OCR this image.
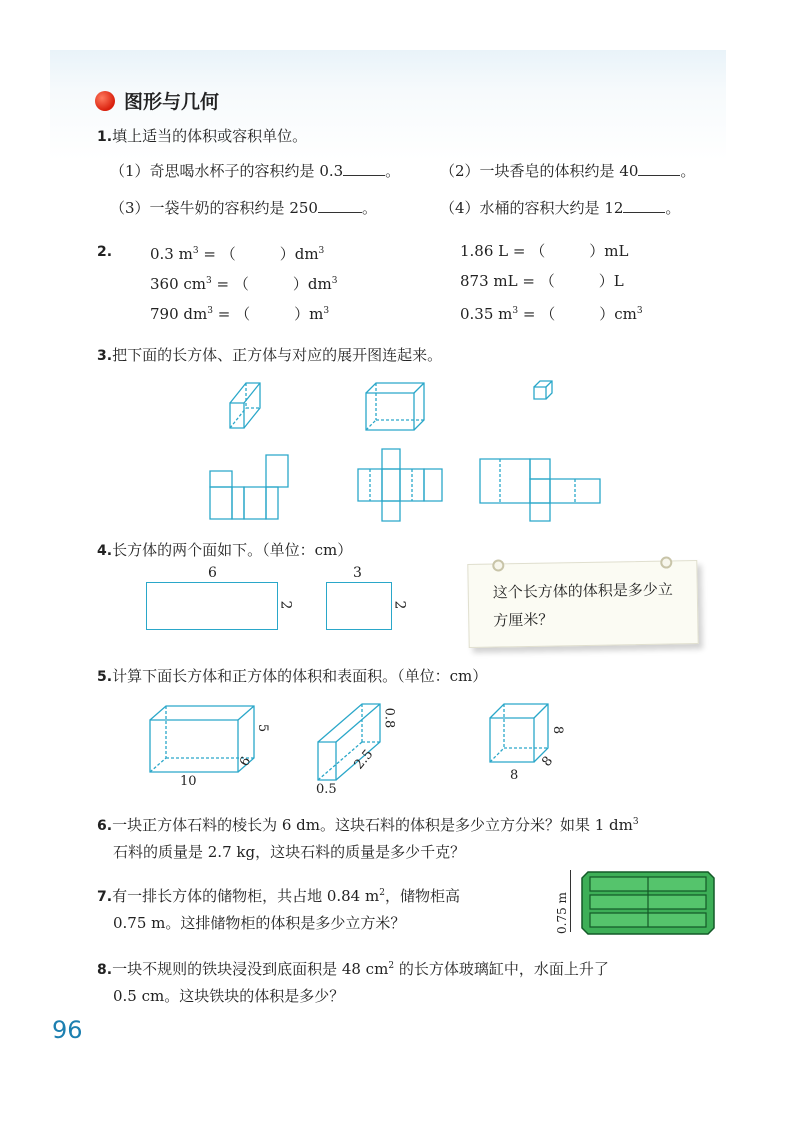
图形与几何
1.填上适当的体积或容积单位。
（1）奇思喝水杯子的容积约是 0.3	。	（2）一块香皂的体积约是 40	。
（3）一袋牛奶的容积约是 250	。	（4）水桶的容积大约是 12	。
2.	0.3 $m^3$ = （	）$dm^3$	1.86 L = （	）mL
360 $cm^3$ = （	）$dm^3$	873 mL = （	）L
790 $dm^3$ = （	）$m^3$	0.35 $m^3$ = （	）$cm^3$
3.把下面的长方体、正方体与对应的展开图连起来。
4.长方体的两个面如下。（单位：cm）
6
2
3
2
这个长方体的体积是多少立方厘米？
5.计算下面长方体和正方体的体积和表面积。（单位：cm）
10
6
5
0.5
2.5
0.8
8
8
8
6.一块正方体石料的棱长为 6 dm。这块石料的体积是多少立方分米？如果 1 $dm^3$
石料的质量是 2.7 kg，这块石料的质量是多少千克？
7.有一排长方体的储物柜，共占地 0.84 $m^2$，储物柜高
0.75 m。这排储物柜的体积是多少立方米？	0.75 m
8.一块不规则的铁块浸没到底面积是 48 $cm^2$ 的长方体玻璃缸中，水面上升了
0.5 cm。这块铁块的体积是多少？
96
